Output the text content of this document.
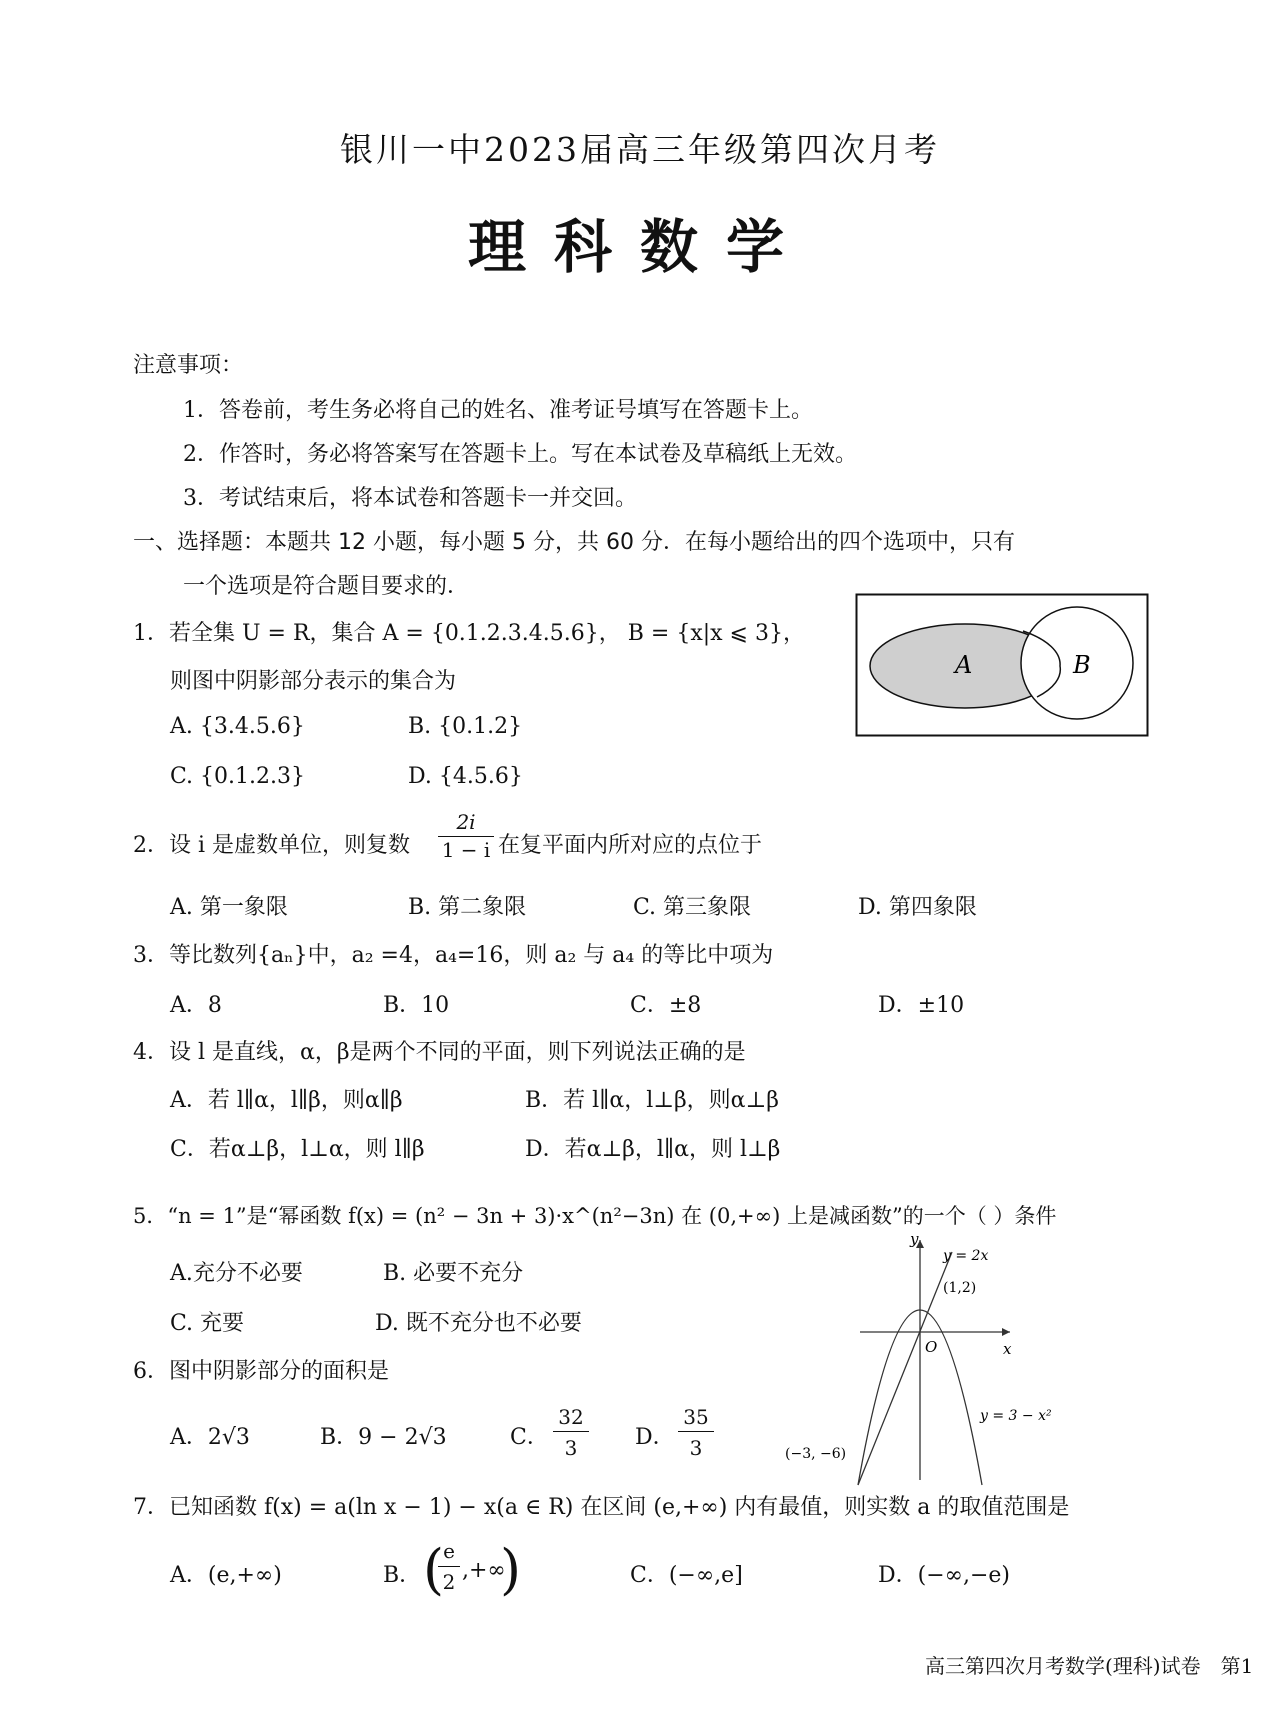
银川一中2023届高三年级第四次月考
理科数学
注意事项：
1．答卷前，考生务必将自己的姓名、准考证号填写在答题卡上。
2．作答时，务必将答案写在答题卡上。写在本试卷及草稿纸上无效。
3．考试结束后，将本试卷和答题卡一并交回。
一、选择题：本题共 12 小题，每小题 5 分，共 60 分．在每小题给出的四个选项中，只有
一个选项是符合题目要求的．
1．若全集 U = R，集合 A = {0.1.2.3.4.5.6}， B = {x|x ⩽ 3}，
则图中阴影部分表示的集合为
A. {3.4.5.6}	B. {0.1.2}
C. {0.1.2.3}	D. {4.5.6}
A	B
2．设 i 是虚数单位，则复数
2i
1 − i 在复平面内所对应的点位于
A. 第一象限	B. 第二象限	C. 第三象限	D. 第四象限
3．等比数列{aₙ}中，a₂ =4，a₄=16，则 a₂ 与 a₄ 的等比中项为
A．8	B．10	C．±8	D．±10
4．设 l 是直线，α，β是两个不同的平面，则下列说法正确的是
A．若 l∥α，l∥β，则α∥β	B．若 l∥α，l⊥β，则α⊥β
C．若α⊥β，l⊥α，则 l∥β	D．若α⊥β，l∥α，则 l⊥β
5．“n = 1”是“幂函数 f(x) = (n² − 3n + 3)·x^(n²−3n) 在 (0,+∞) 上是减函数”的一个（ ）条件
A.充分不必要	B. 必要不充分
C. 充要	D. 既不充分也不必要
6．图中阴影部分的面积是
A．2√3	B．9 − 2√3	C．
32
3	D．
35
3
y
x
O
y = 2x
(1,2)
y = 3 − x²
(−3, −6)
7．已知函数 f(x) = a(ln x − 1) − x(a ∈ R) 在区间 (e,+∞) 内有最值，则实数 a 的取值范围是
A．(e,+∞)	B． ( e
2 ,+∞
)	C．(−∞,e]	D．(−∞,−e)
高三第四次月考数学(理科)试卷　第1
